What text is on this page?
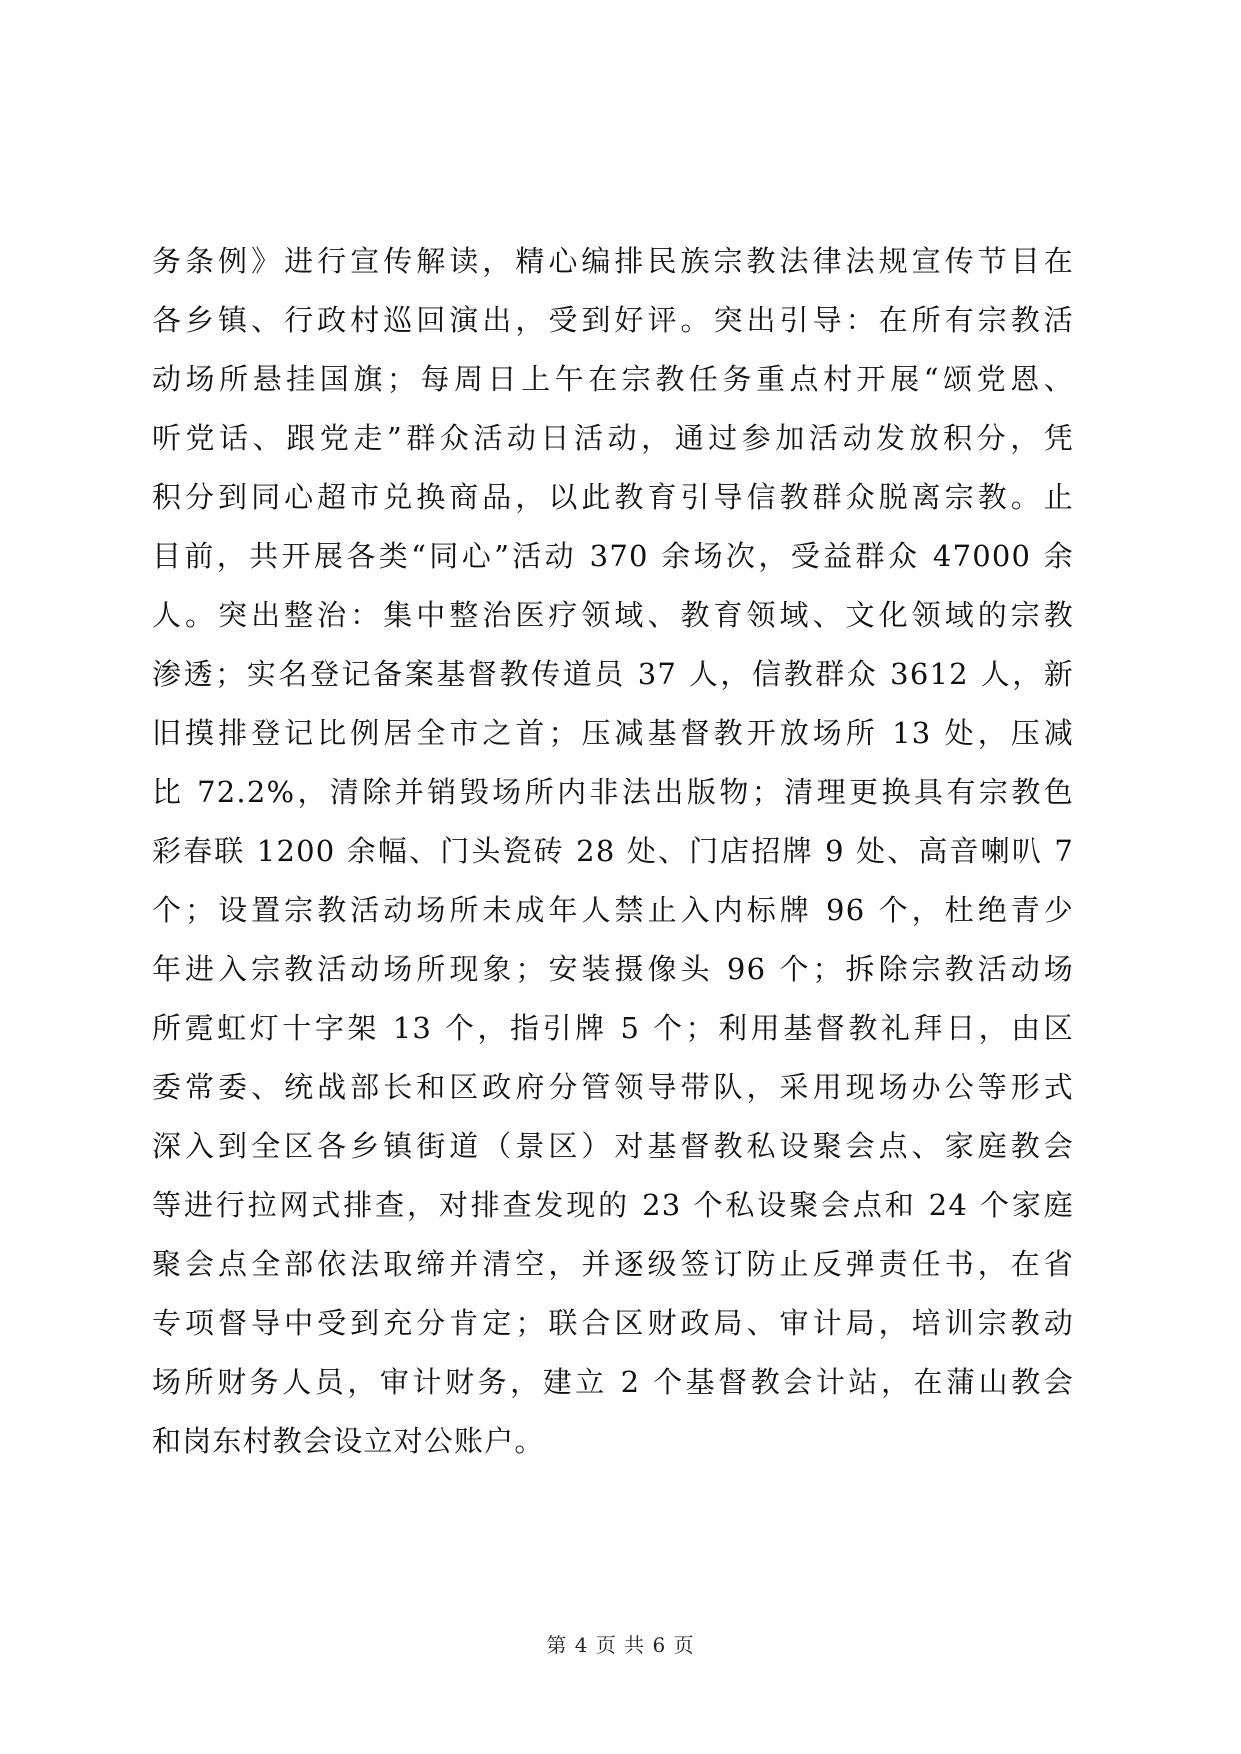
务条例》进行宣传解读，精心编排民族宗教法律法规宣传节目在
各乡镇、行政村巡回演出，受到好评。突出引导：在所有宗教活
动场所悬挂国旗；每周日上午在宗教任务重点村开展“颂党恩、
听党话、跟党走”群众活动日活动，通过参加活动发放积分，凭
积分到同心超市兑换商品，以此教育引导信教群众脱离宗教。止
目前，共开展各类“同心”活动 370 余场次，受益群众 47000 余
人。突出整治：集中整治医疗领域、教育领域、文化领域的宗教
渗透；实名登记备案基督教传道员 37 人，信教群众 3612 人，新
旧摸排登记比例居全市之首；压减基督教开放场所 13 处，压减
比 72.2%，清除并销毁场所内非法出版物；清理更换具有宗教色
彩春联 1200 余幅、门头瓷砖 28 处、门店招牌 9 处、高音喇叭 7
个；设置宗教活动场所未成年人禁止入内标牌 96 个，杜绝青少
年进入宗教活动场所现象；安装摄像头 96 个；拆除宗教活动场
所霓虹灯十字架 13 个，指引牌 5 个；利用基督教礼拜日，由区
委常委、统战部长和区政府分管领导带队，采用现场办公等形式
深入到全区各乡镇街道（景区）对基督教私设聚会点、家庭教会
等进行拉网式排查，对排查发现的 23 个私设聚会点和 24 个家庭
聚会点全部依法取缔并清空，并逐级签订防止反弹责任书，在省
专项督导中受到充分肯定；联合区财政局、审计局，培训宗教动
场所财务人员，审计财务，建立 2 个基督教会计站，在蒲山教会
和岗东村教会设立对公账户。
第 4 页 共 6 页
